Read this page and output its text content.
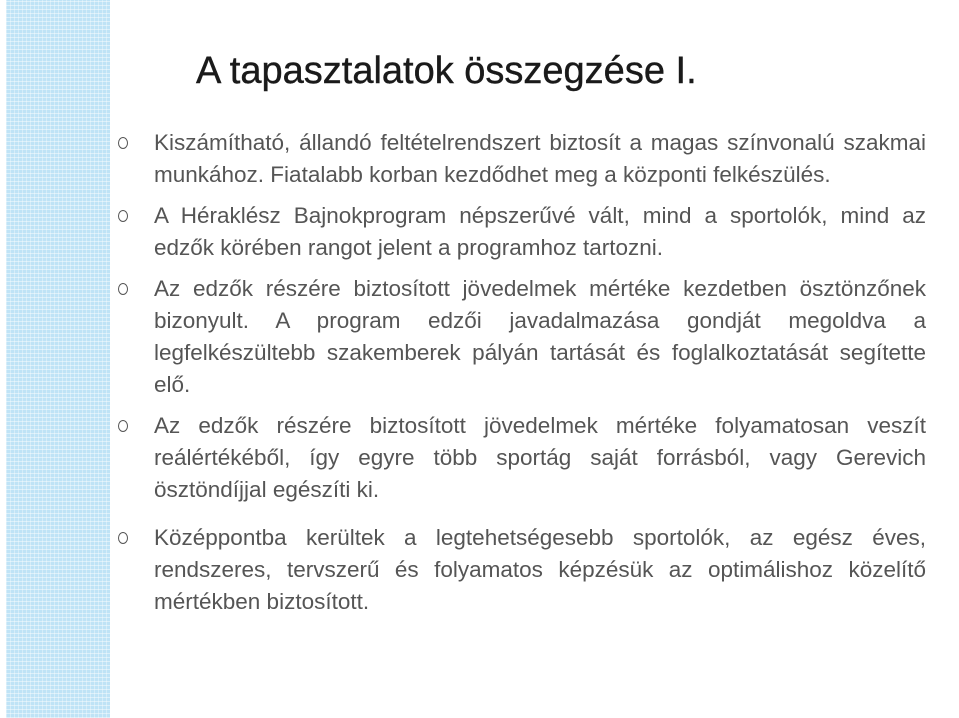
A tapasztalatok összegzése I.
Kiszámítható, állandó feltételrendszert biztosít a magas színvonalú szakmai munkához. Fiatalabb korban kezdődhet meg a központi felkészülés.
A Héraklész Bajnokprogram népszerűvé vált, mind a sportolók, mind az edzők körében rangot jelent a programhoz tartozni.
Az edzők részére biztosított jövedelmek mértéke kezdetben ösztönzőnek bizonyult. A program edzői javadalmazása gondját megoldva a legfelkészültebb szakemberek pályán tartását és foglalkoztatását segítette elő.
Az edzők részére biztosított jövedelmek mértéke folyamatosan veszít reálértékéből, így egyre több sportág saját forrásból, vagy Gerevich ösztöndíjjal egészíti ki.
Középpontba kerültek a legtehetségesebb sportolók, az egész éves, rendszeres, tervszerű és folyamatos képzésük az optimálishoz közelítő mértékben biztosított.
